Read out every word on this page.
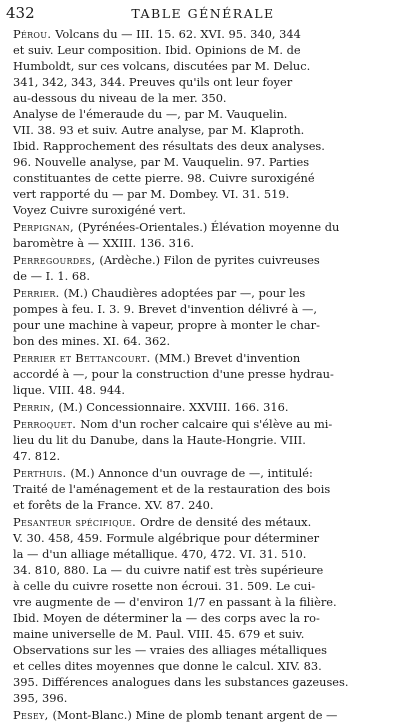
432	TABLE GÉNÉRALE
Pérou. Volcans du — III. 15. 62. XVI. 95. 340, 344
et suiv. Leur composition. Ibid. Opinions de M. de
Humboldt, sur ces volcans, discutées par M. Deluc.
341, 342, 343, 344. Preuves qu'ils ont leur foyer
au-dessous du niveau de la mer. 350.
Analyse de l'émeraude du —, par M. Vauquelin.
VII. 38. 93 et suiv. Autre analyse, par M. Klaproth.
Ibid. Rapprochement des résultats des deux analyses.
96. Nouvelle analyse, par M. Vauquelin. 97. Parties
constituantes de cette pierre. 98. Cuivre suroxigéné
vert rapporté du — par M. Dombey. VI. 31. 519.
Voyez Cuivre suroxigéné vert.
Perpignan, (Pyrénées-Orientales.) Élévation moyenne du
baromètre à — XXIII. 136. 316.
Perregourdes, (Ardèche.) Filon de pyrites cuivreuses
de — I. 1. 68.
Perrier. (M.) Chaudières adoptées par —, pour les
pompes à feu. I. 3. 9. Brevet d'invention délivré à —,
pour une machine à vapeur, propre à monter le char-
bon des mines. XI. 64. 362.
Perrier et Bettancourt. (MM.) Brevet d'invention
accordé à —, pour la construction d'une presse hydrau-
lique. VIII. 48. 944.
Perrin, (M.) Concessionnaire. XXVIII. 166. 316.
Perroquet. Nom d'un rocher calcaire qui s'élève au mi-
lieu du lit du Danube, dans la Haute-Hongrie. VIII.
47. 812.
Perthuis. (M.) Annonce d'un ouvrage de —, intitulé:
Traité de l'aménagement et de la restauration des bois
et forêts de la France. XV. 87. 240.
Pesanteur spécifique. Ordre de densité des métaux.
V. 30. 458, 459. Formule algébrique pour déterminer
la — d'un alliage métallique. 470, 472. VI. 31. 510.
34. 810, 880. La — du cuivre natif est très supérieure
à celle du cuivre rosette non écroui. 31. 509. Le cui-
vre augmente de — d'environ 1/7 en passant à la filière.
Ibid. Moyen de déterminer la — des corps avec la ro-
maine universelle de M. Paul. VIII. 45. 679 et suiv.
Observations sur les — vraies des alliages métalliques
et celles dites moyennes que donne le calcul. XIV. 83.
395. Différences analogues dans les substances gazeuses.
395, 396.
Pesey, (Mont-Blanc.) Mine de plomb tenant argent de —
